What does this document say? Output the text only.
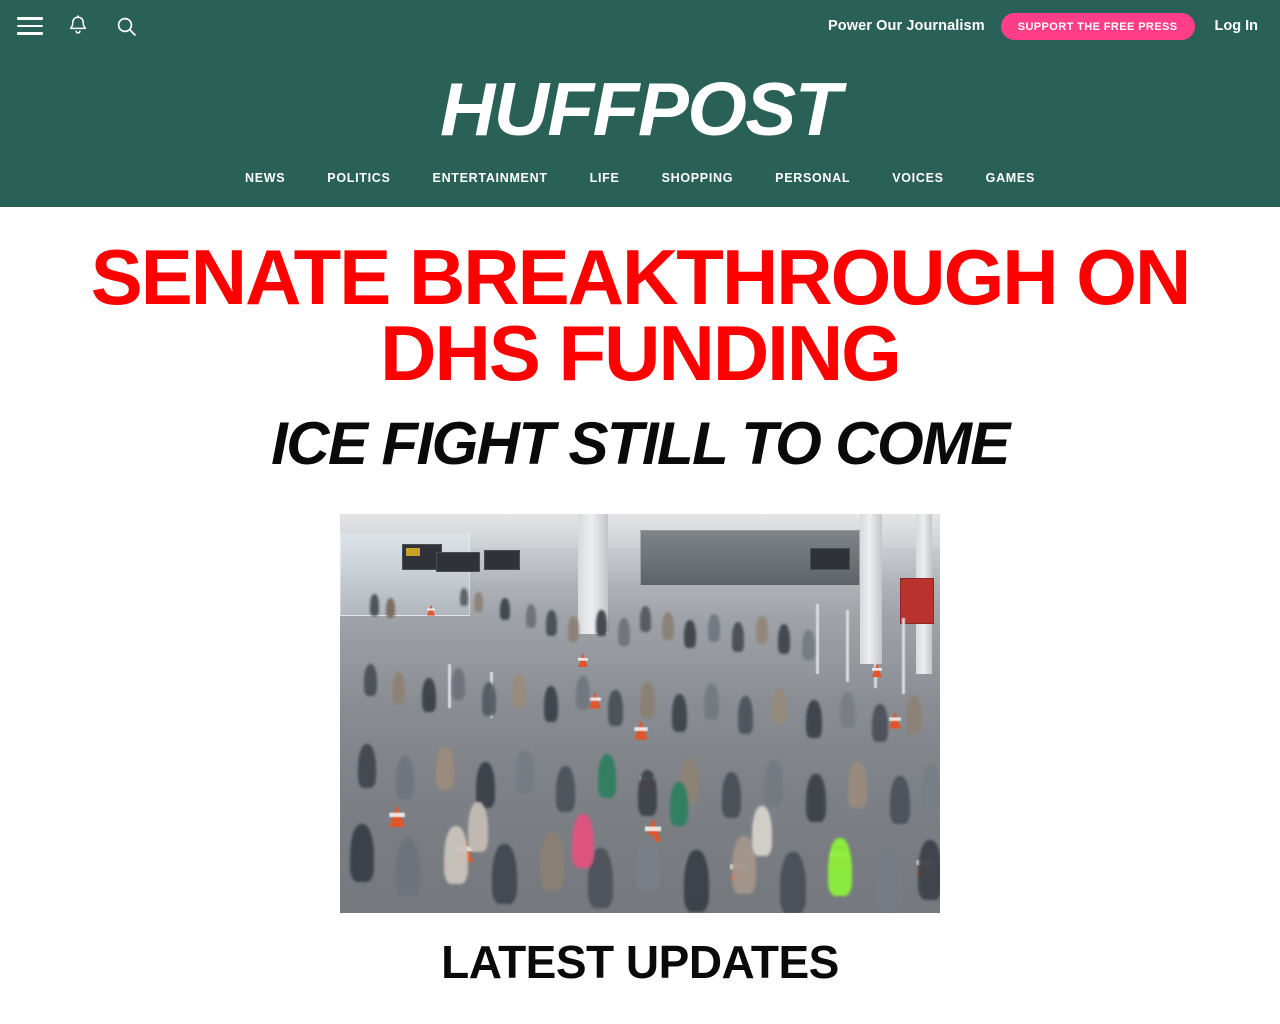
Power Our Journalism	SUPPORT THE FREE PRESS	Log In
HUFFPOST
NEWS	POLITICS	ENTERTAINMENT	LIFE	SHOPPING	PERSONAL	VOICES	GAMES
SENATE BREAKTHROUGH ON DHS FUNDING
ICE FIGHT STILL TO COME
LATEST UPDATES
